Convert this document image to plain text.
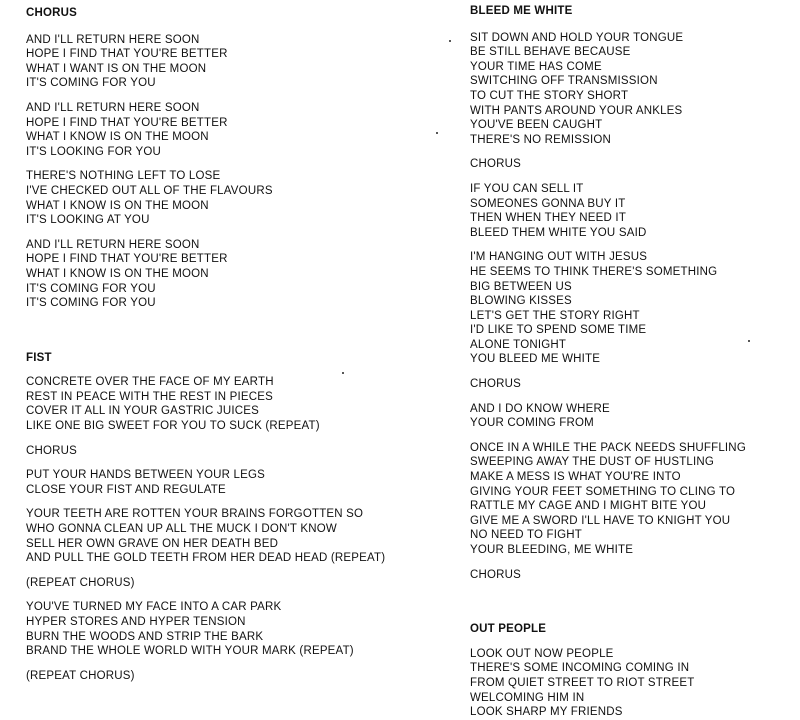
CHORUS
AND I'LL RETURN HERE SOON
HOPE I FIND THAT YOU'RE BETTER
WHAT I WANT IS ON THE MOON
IT'S COMING FOR YOU
AND I'LL RETURN HERE SOON
HOPE I FIND THAT YOU'RE BETTER
WHAT I KNOW IS ON THE MOON
IT'S LOOKING FOR YOU
THERE'S NOTHING LEFT TO LOSE
I'VE CHECKED OUT ALL OF THE FLAVOURS
WHAT I KNOW IS ON THE MOON
IT'S LOOKING AT YOU
AND I'LL RETURN HERE SOON
HOPE I FIND THAT YOU'RE BETTER
WHAT I KNOW IS ON THE MOON
IT'S COMING FOR YOU
IT'S COMING FOR YOU
FIST
CONCRETE OVER THE FACE OF MY EARTH
REST IN PEACE WITH THE REST IN PIECES
COVER IT ALL IN YOUR GASTRIC JUICES
LIKE ONE BIG SWEET FOR YOU TO SUCK (REPEAT)
CHORUS
PUT YOUR HANDS BETWEEN YOUR LEGS
CLOSE YOUR FIST AND REGULATE
YOUR TEETH ARE ROTTEN YOUR BRAINS FORGOTTEN SO
WHO GONNA CLEAN UP ALL THE MUCK I DON'T KNOW
SELL HER OWN GRAVE ON HER DEATH BED
AND PULL THE GOLD TEETH FROM HER DEAD HEAD (REPEAT)
(REPEAT CHORUS)
YOU'VE TURNED MY FACE INTO A CAR PARK
HYPER STORES AND HYPER TENSION
BURN THE WOODS AND STRIP THE BARK
BRAND THE WHOLE WORLD WITH YOUR MARK (REPEAT)
(REPEAT CHORUS)
BLEED ME WHITE
SIT DOWN AND HOLD YOUR TONGUE
BE STILL BEHAVE BECAUSE
YOUR TIME HAS COME
SWITCHING OFF TRANSMISSION
TO CUT THE STORY SHORT
WITH PANTS AROUND YOUR ANKLES
YOU'VE BEEN CAUGHT
THERE'S NO REMISSION
CHORUS
IF YOU CAN SELL IT
SOMEONES GONNA BUY IT
THEN WHEN THEY NEED IT
BLEED THEM WHITE YOU SAID
I'M HANGING OUT WITH JESUS
HE SEEMS TO THINK THERE'S SOMETHING
BIG BETWEEN US
BLOWING KISSES
LET'S GET THE STORY RIGHT
I'D LIKE TO SPEND SOME TIME
ALONE TONIGHT
YOU BLEED ME WHITE
CHORUS
AND I DO KNOW WHERE
YOUR COMING FROM
ONCE IN A WHILE THE PACK NEEDS SHUFFLING
SWEEPING AWAY THE DUST OF HUSTLING
MAKE A MESS IS WHAT YOU'RE INTO
GIVING YOUR FEET SOMETHING TO CLING TO
RATTLE MY CAGE AND I MIGHT BITE YOU
GIVE ME A SWORD I'LL HAVE TO KNIGHT YOU
NO NEED TO FIGHT
YOUR BLEEDING, ME WHITE
CHORUS
OUT PEOPLE
LOOK OUT NOW PEOPLE
THERE'S SOME INCOMING COMING IN
FROM QUIET STREET TO RIOT STREET
WELCOMING HIM IN
LOOK SHARP MY FRIENDS
